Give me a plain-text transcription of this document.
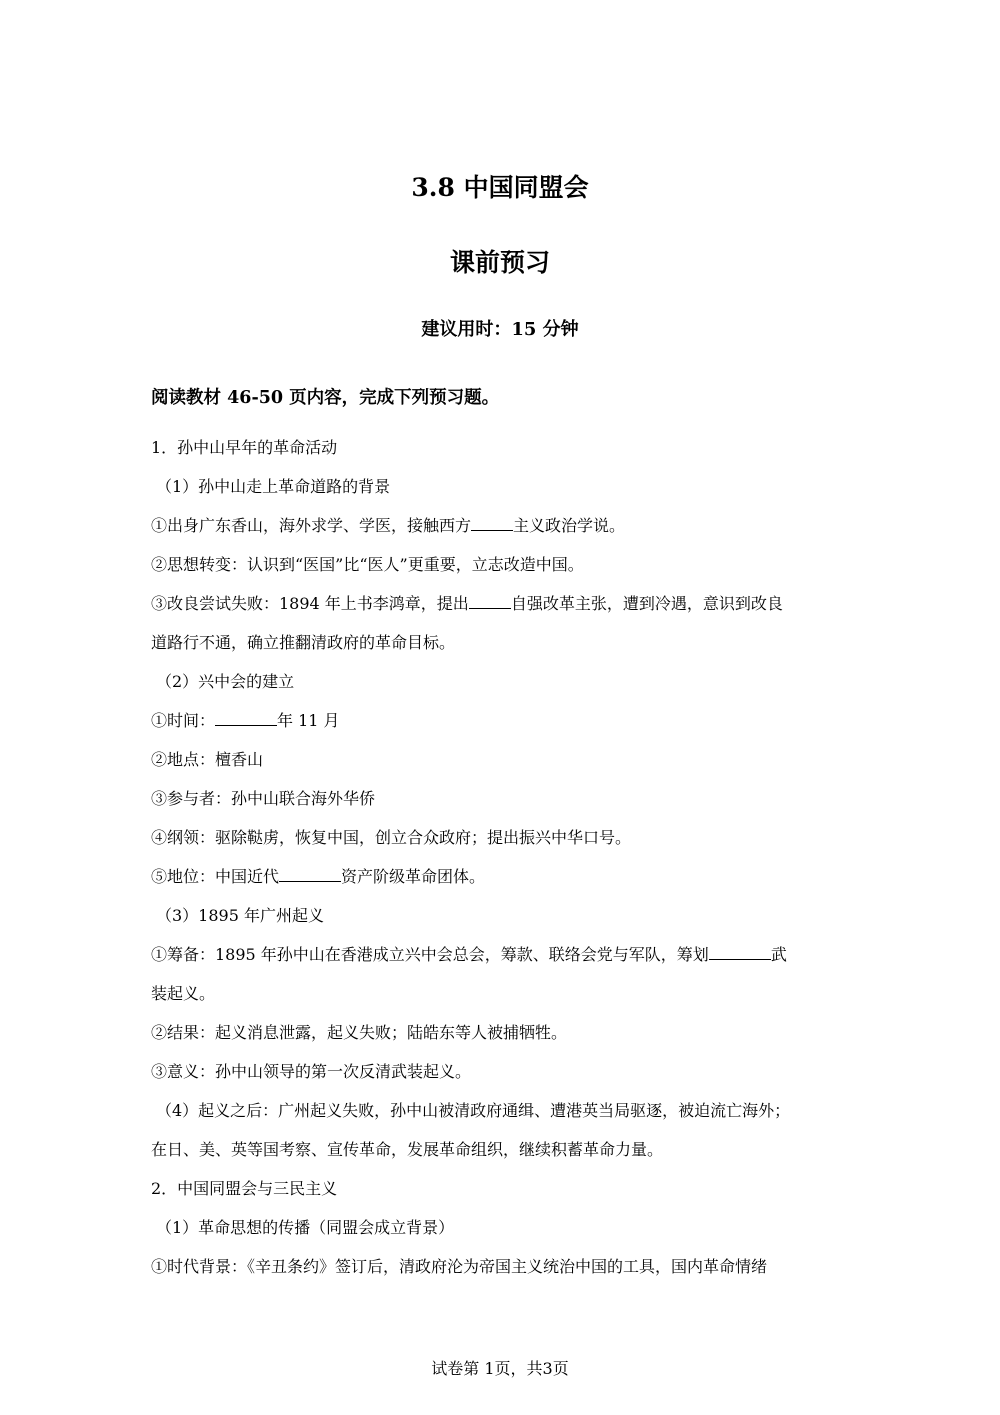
3.8 中国同盟会
课前预习
建议用时：15 分钟
阅读教材 46-50 页内容，完成下列预习题。
1．孙中山早年的革命活动
（1）孙中山走上革命道路的背景
①出身广东香山，海外求学、学医，接触西方	主义政治学说。
②思想转变：认识到“医国”比“医人”更重要，立志改造中国。
③改良尝试失败：1894 年上书李鸿章，提出	自强改革主张，遭到冷遇，意识到改良
道路行不通，确立推翻清政府的革命目标。
（2）兴中会的建立
①时间：	年 11 月
②地点：檀香山
③参与者：孙中山联合海外华侨
④纲领：驱除鞑虏，恢复中国，创立合众政府；提出振兴中华口号。
⑤地位：中国近代	资产阶级革命团体。
（3）1895 年广州起义
①筹备：1895 年孙中山在香港成立兴中会总会，筹款、联络会党与军队，筹划	武
装起义。
②结果：起义消息泄露，起义失败；陆皓东等人被捕牺牲。
③意义：孙中山领导的第一次反清武装起义。
（4）起义之后：广州起义失败，孙中山被清政府通缉、遭港英当局驱逐，被迫流亡海外；
在日、美、英等国考察、宣传革命，发展革命组织，继续积蓄革命力量。
2．中国同盟会与三民主义
（1）革命思想的传播（同盟会成立背景）
①时代背景：《辛丑条约》签订后，清政府沦为帝国主义统治中国的工具，国内革命情绪
试卷第 1页，共3页
